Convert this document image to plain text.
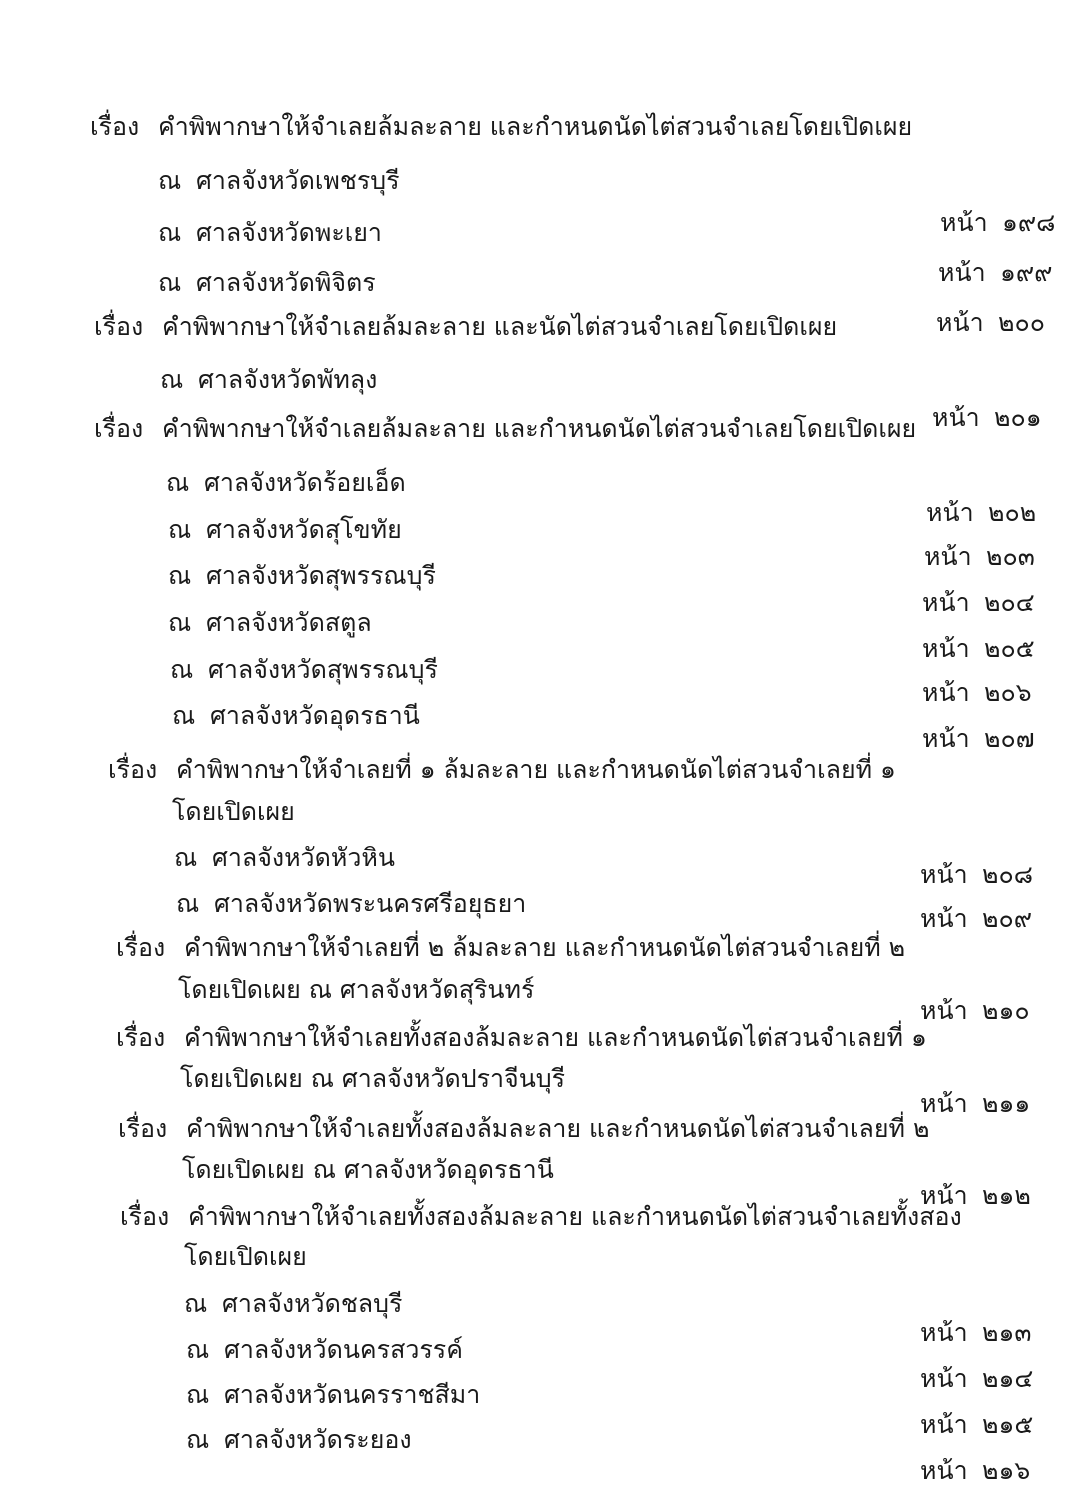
เรื่อง คำพิพากษาให้จำเลยล้มละลาย และกำหนดนัดไต่สวนจำเลยโดยเปิดเผย
ณ ศาลจังหวัดเพชรบุรี
ณ ศาลจังหวัดพะเยา
ณ ศาลจังหวัดพิจิตร
เรื่อง คำพิพากษาให้จำเลยล้มละลาย และนัดไต่สวนจำเลยโดยเปิดเผย
ณ ศาลจังหวัดพัทลุง
เรื่อง คำพิพากษาให้จำเลยล้มละลาย และกำหนดนัดไต่สวนจำเลยโดยเปิดเผย
ณ ศาลจังหวัดร้อยเอ็ด
ณ ศาลจังหวัดสุโขทัย
ณ ศาลจังหวัดสุพรรณบุรี
ณ ศาลจังหวัดสตูล
ณ ศาลจังหวัดสุพรรณบุรี
ณ ศาลจังหวัดอุดรธานี
เรื่อง คำพิพากษาให้จำเลยที่ ๑ ล้มละลาย และกำหนดนัดไต่สวนจำเลยที่ ๑
โดยเปิดเผย
ณ ศาลจังหวัดหัวหิน
ณ ศาลจังหวัดพระนครศรีอยุธยา
เรื่อง คำพิพากษาให้จำเลยที่ ๒ ล้มละลาย และกำหนดนัดไต่สวนจำเลยที่ ๒
โดยเปิดเผย ณ ศาลจังหวัดสุรินทร์
เรื่อง คำพิพากษาให้จำเลยทั้งสองล้มละลาย และกำหนดนัดไต่สวนจำเลยที่ ๑
โดยเปิดเผย ณ ศาลจังหวัดปราจีนบุรี
เรื่อง คำพิพากษาให้จำเลยทั้งสองล้มละลาย และกำหนดนัดไต่สวนจำเลยที่ ๒
โดยเปิดเผย ณ ศาลจังหวัดอุดรธานี
เรื่อง คำพิพากษาให้จำเลยทั้งสองล้มละลาย และกำหนดนัดไต่สวนจำเลยทั้งสอง
โดยเปิดเผย
ณ ศาลจังหวัดชลบุรี
ณ ศาลจังหวัดนครสวรรค์
ณ ศาลจังหวัดนครราชสีมา
ณ ศาลจังหวัดระยอง
หน้า ๑๙๘
หน้า ๑๙๙
หน้า ๒๐๐
หน้า ๒๐๑
หน้า ๒๐๒
หน้า ๒๐๓
หน้า ๒๐๔
หน้า ๒๐๕
หน้า ๒๐๖
หน้า ๒๐๗
หน้า ๒๐๘
หน้า ๒๐๙
หน้า ๒๑๐
หน้า ๒๑๑
หน้า ๒๑๒
หน้า ๒๑๓
หน้า ๒๑๔
หน้า ๒๑๕
หน้า ๒๑๖
